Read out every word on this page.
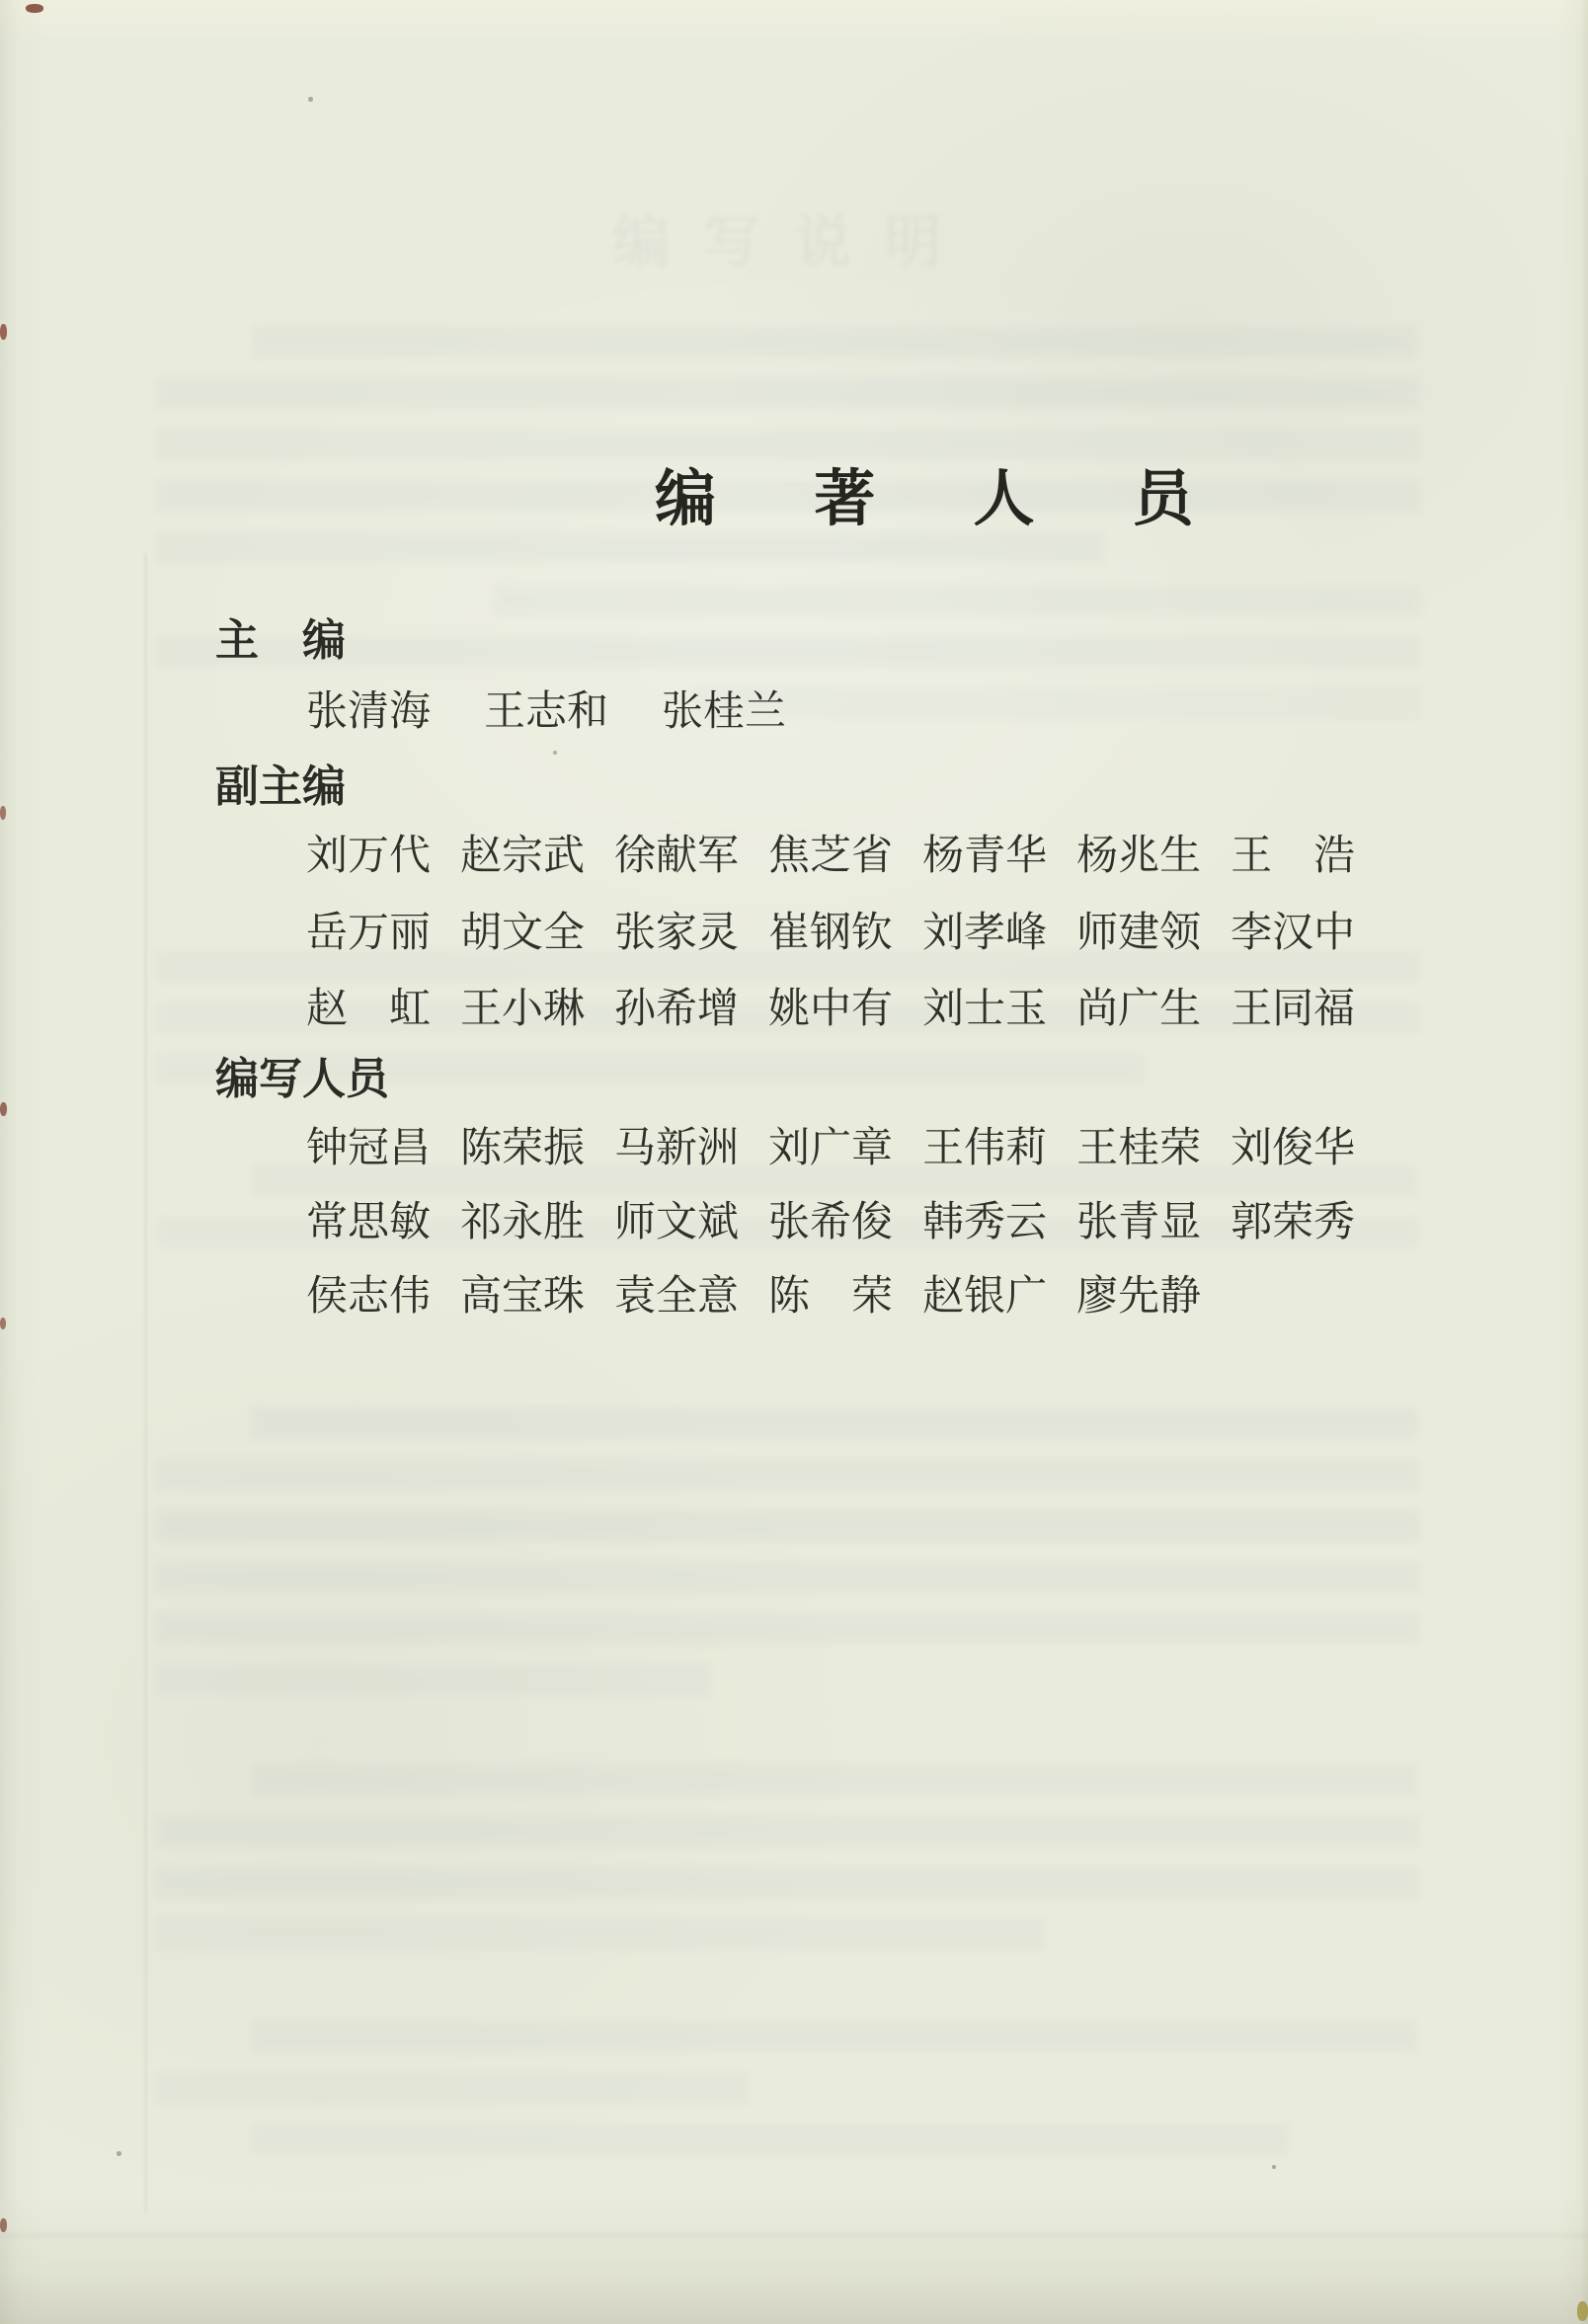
编写说明
编 著 人 员
主　编
张清海 王志和 张桂兰
副主编
刘万代 赵宗武 徐献军 焦芝省 杨青华 杨兆生 王　浩
岳万丽 胡文全 张家灵 崔钢钦 刘孝峰 师建领 李汉中
赵　虹 王小琳 孙希增 姚中有 刘士玉 尚广生 王同福
编写人员
钟冠昌 陈荣振 马新洲 刘广章 王伟莉 王桂荣 刘俊华
常思敏 祁永胜 师文斌 张希俊 韩秀云 张青显 郭荣秀
侯志伟 高宝珠 袁全意 陈　荣 赵银广 廖先静
